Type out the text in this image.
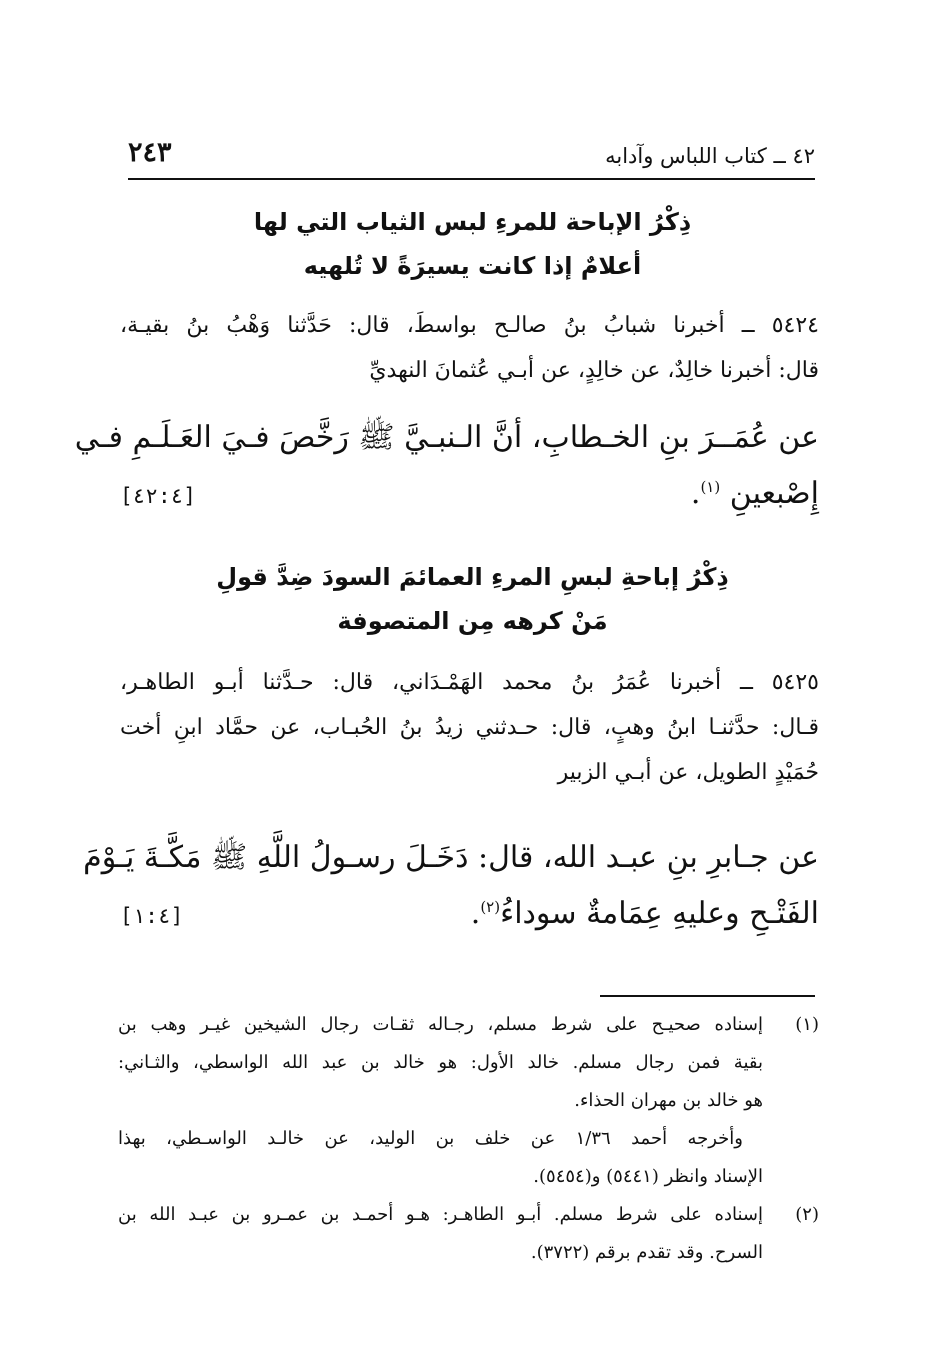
٤٢ ــ كتاب اللباس وآدابه
٢٤٣
ذِكْرُ الإباحة للمرءِ لبس الثياب التي لها
أعلامٌ إذا كانت يسيرَةً لا تُلهيه
٥٤٢٤ ــ أخبرنا شبابُ بنُ صالـح بواسطَ، قال: حَدَّثنا وَهْبُ بنُ بقيـة،
قال: أخبرنا خالِدٌ، عن خالِدٍ، عن أبـي عُثمانَ النهديِّ
عن عُمَــرَ بنِ الخـطابِ، أنَّ الـنبـيَّ ﷺ رَخَّصَ فـيَ العَـلَـمِ فـي
إِصْبعينِ $^{(١)}$.
[٤٢:٤]
ذِكْرُ إباحةِ لبسِ المرءِ العمائمَ السودَ ضِدَّ قولِ
مَنْ كرهه مِن المتصوفة
٥٤٢٥ ــ أخبرنا عُمَرُ بنُ محمد الهَمْـدَاني، قال: حـدَّثنا أبـو الطاهـر،
قـال: حدَّثنـا ابنُ وهبٍ، قال: حـدثني زيدُ بنُ الحُبـاب، عن حمَّاد ابنِ أخت
حُمَيْدٍ الطويل، عن أبـي الزبير
عن جـابرِ بنِ عبـد الله، قال: دَخَـلَ رسـولُ اللَّهِ ﷺ مَكَّـةَ يَـوْمَ
الفَتْـحِ وعليهِ عِمَامةٌ سوداءُ$^{(٢)}$.
[١:٤]
(١)
إسناده صحيـح على شرط مسلم، رجـاله ثقـات رجال الشيخين غيـر وهب بن
بقية فمن رجال مسلم. خالد الأول: هو خالد بن عبد الله الواسطي، والثـاني:
هو خالد بن مهران الحذاء.
وأخرجه أحمد ١/٣٦ عن خلف بن الوليد، عن خالـد الواسـطي، بهذا
الإسناد وانظر (٥٤٤١) و(٥٤٥٤).
(٢)
إسناده على شرط مسلم. أبـو الطاهـر: هـو أحمـد بن عمـرو بن عبـد الله بن
السرح. وقد تقدم برقم (٣٧٢٢).
